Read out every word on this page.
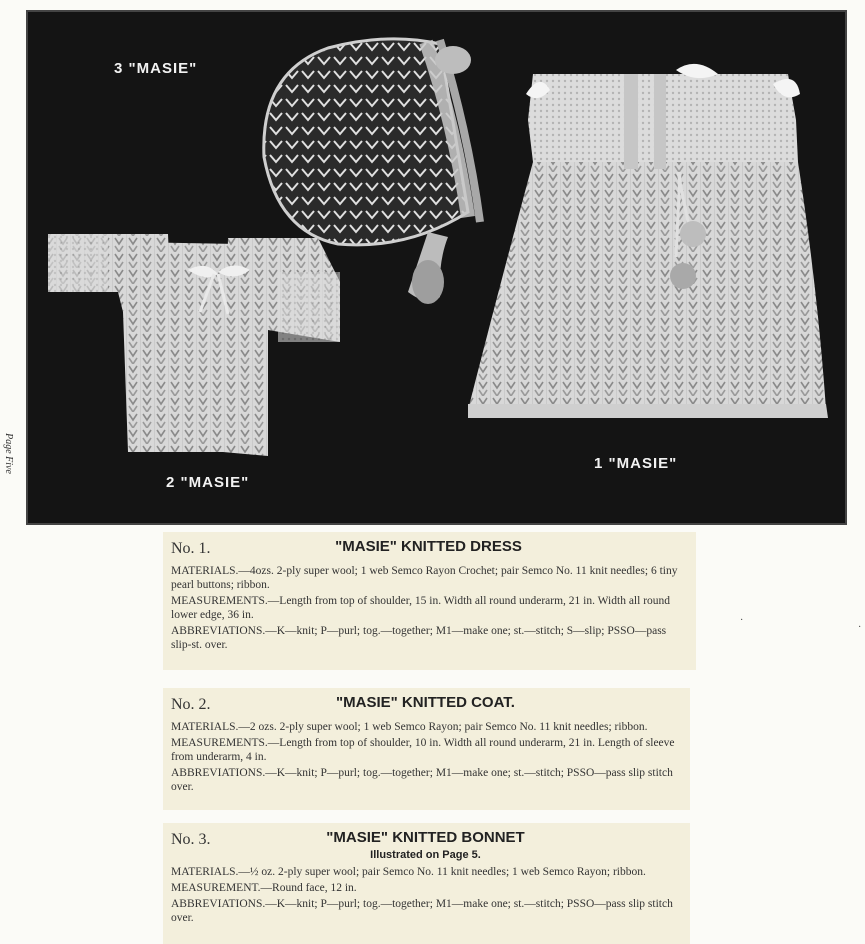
Page Five
3 "MASIE"
2 "MASIE"
1 "MASIE"
No. 1.	"MASIE" KNITTED DRESS

MATERIALS.—4ozs. 2-ply super wool; 1 web Semco Rayon Crochet; pair Semco No. 11 knit needles; 6 tiny pearl buttons; ribbon.

MEASUREMENTS.—Length from top of shoulder, 15 in. Width all round underarm, 21 in. Width all round lower edge, 36 in.

ABBREVIATIONS.—K—knit; P—purl; tog.—together; M1—make one; st.—stitch; S—slip; PSSO—pass slip-st. over.

No. 2.	"MASIE" KNITTED COAT.

MATERIALS.—2 ozs. 2-ply super wool; 1 web Semco Rayon; pair Semco No. 11 knit needles; ribbon.

MEASUREMENTS.—Length from top of shoulder, 10 in. Width all round underarm, 21 in. Length of sleeve from underarm, 4 in.

ABBREVIATIONS.—K—knit; P—purl; tog.—together; M1—make one; st.—stitch; PSSO—pass slip stitch over.

No. 3.	"MASIE" KNITTED BONNET
Illustrated on Page 5.

MATERIALS.—½ oz. 2-ply super wool; pair Semco No. 11 knit needles; 1 web Semco Rayon; ribbon.

MEASUREMENT.—Round face, 12 in.

ABBREVIATIONS.—K—knit; P—purl; tog.—together; M1—make one; st.—stitch; PSSO—pass slip stitch over.

·
·
